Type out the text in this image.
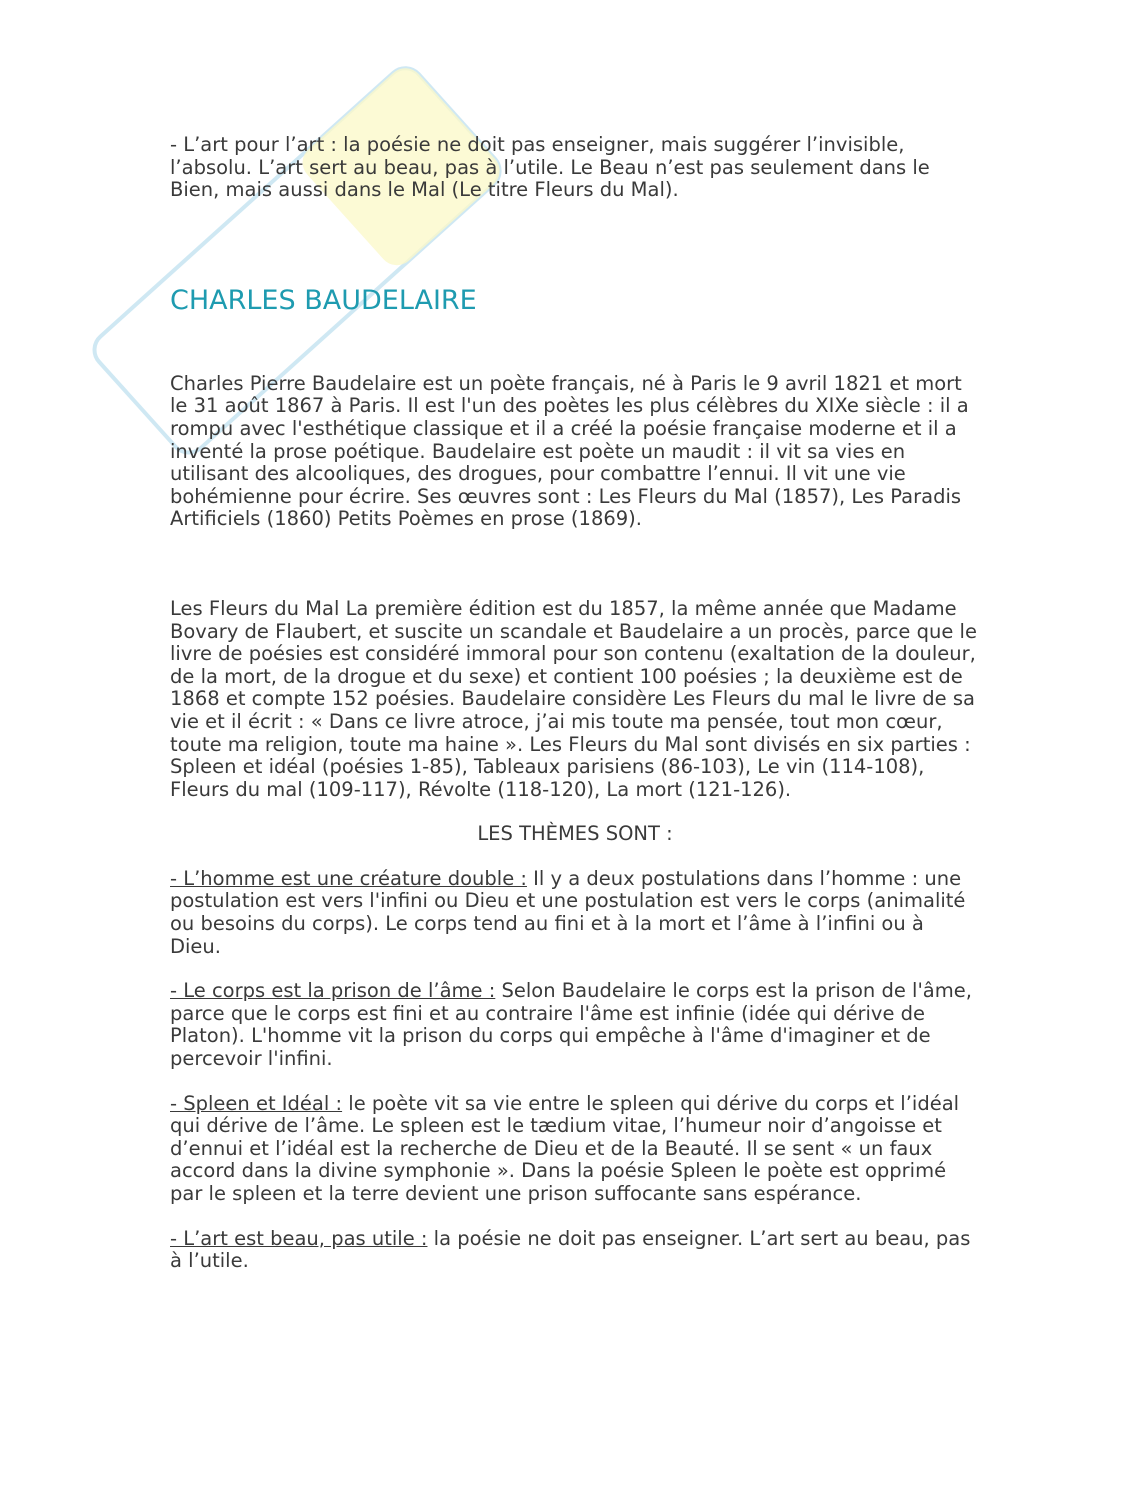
- L’art pour l’art : la poésie ne doit pas enseigner, mais suggérer l’invisible, l’absolu. L’art sert au beau, pas à l’utile. Le Beau n’est pas seulement dans le Bien, mais aussi dans le Mal (Le titre Fleurs du Mal).

CHARLES BAUDELAIRE

Charles Pierre Baudelaire est un poète français, né à Paris le 9 avril 1821 et mort le 31 août 1867 à Paris. Il est l'un des poètes les plus célèbres du XIXe siècle : il a rompu avec l'esthétique classique et il a créé la poésie française moderne et il a inventé la prose poétique. Baudelaire est poète un maudit : il vit sa vies en utilisant des alcooliques, des drogues, pour combattre l’ennui. Il vit une vie bohémienne pour écrire. Ses œuvres sont : Les Fleurs du Mal (1857), Les Paradis Artificiels (1860) Petits Poèmes en prose (1869).

Les Fleurs du Mal La première édition est du 1857, la même année que Madame Bovary de Flaubert, et suscite un scandale et Baudelaire a un procès, parce que le livre de poésies est considéré immoral pour son contenu (exaltation de la douleur, de la mort, de la drogue et du sexe) et contient 100 poésies ; la deuxième est de 1868 et compte 152 poésies. Baudelaire considère Les Fleurs du mal le livre de sa vie et il écrit : « Dans ce livre atroce, j’ai mis toute ma pensée, tout mon cœur, toute ma religion, toute ma haine ». Les Fleurs du Mal sont divisés en six parties : Spleen et idéal (poésies 1-85), Tableaux parisiens (86-103), Le vin (114-108), Fleurs du mal (109-117), Révolte (118-120), La mort (121-126).

LES THÈMES SONT :

- L’homme est une créature double : Il y a deux postulations dans l’homme : une postulation est vers l'infini ou Dieu et une postulation est vers le corps (animalité ou besoins du corps). Le corps tend au fini et à la mort et l’âme à l’infini ou à Dieu.

- Le corps est la prison de l’âme : Selon Baudelaire le corps est la prison de l'âme, parce que le corps est fini et au contraire l'âme est infinie (idée qui dérive de Platon). L'homme vit la prison du corps qui empêche à l'âme d'imaginer et de percevoir l'infini.

- Spleen et Idéal : le poète vit sa vie entre le spleen qui dérive du corps et l’idéal qui dérive de l’âme. Le spleen est le tædium vitae, l’humeur noir d’angoisse et d’ennui et l’idéal est la recherche de Dieu et de la Beauté. Il se sent « un faux accord dans la divine symphonie ». Dans la poésie Spleen le poète est opprimé par le spleen et la terre devient une prison suffocante sans espérance.

- L’art est beau, pas utile : la poésie ne doit pas enseigner. L’art sert au beau, pas à l’utile.
